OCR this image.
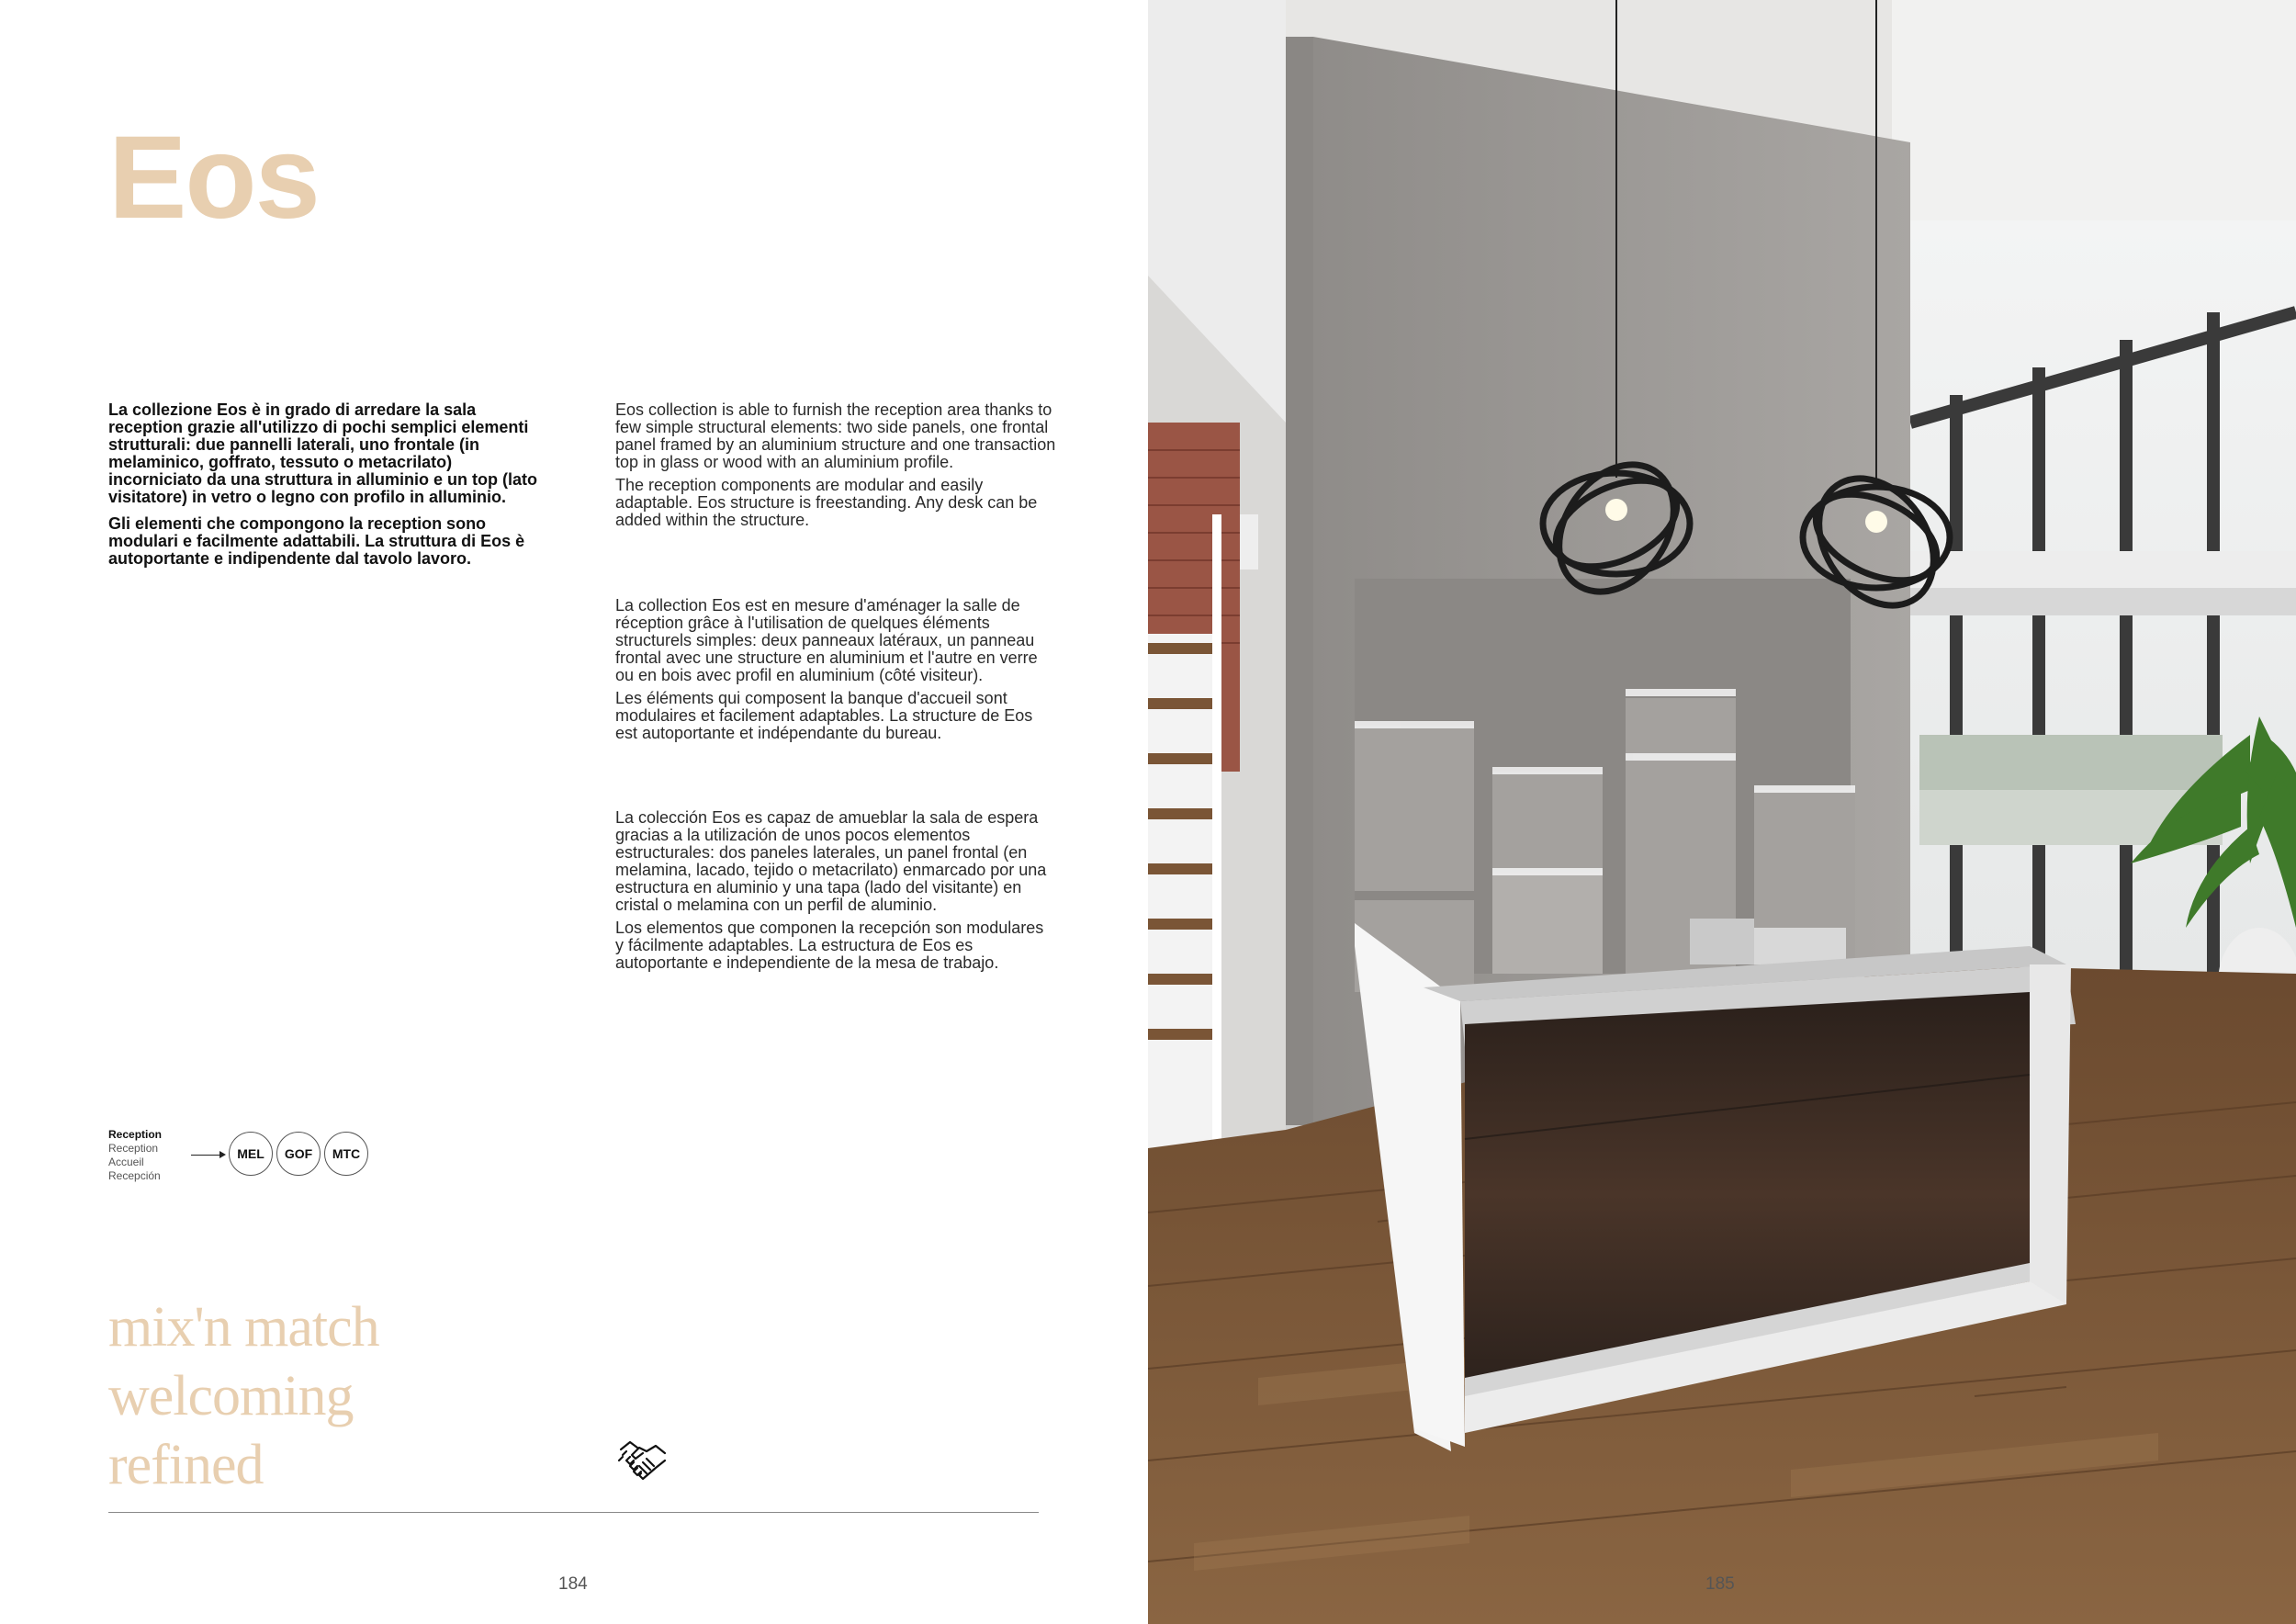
Eos

La collezione Eos è in grado di arredare la sala reception grazie all'utilizzo di pochi semplici elementi strutturali: due pannelli laterali, uno frontale (in melaminico, goffrato, tessuto o metacrilato) incorniciato da una struttura in alluminio e un top (lato visitatore) in vetro o legno con profilo in alluminio.

Gli elementi che compongono la reception sono modulari e facilmente adattabili. La struttura di Eos è autoportante e indipendente dal tavolo lavoro.

Eos collection is able to furnish the reception area thanks to few simple structural elements: two side panels, one frontal panel framed by an aluminium structure and one transaction top in glass or wood with an aluminium profile.

The reception components are modular and easily adaptable. Eos structure is freestanding. Any desk can be added within the structure.

La collection Eos est en mesure d'aménager la salle de réception grâce à l'utilisation de quelques éléments structurels simples: deux panneaux latéraux, un panneau frontal avec une structure en aluminium et l'autre en verre ou en bois avec profil en aluminium (côté visiteur).

Les éléments qui composent la banque d'accueil sont modulaires et facilement adaptables. La structure de Eos est autoportante et indépendante du bureau.

La colección Eos es capaz de amueblar la sala de espera gracias a la utilización de unos pocos elementos estructurales: dos paneles laterales, un panel frontal (en melamina, lacado, tejido o metacrilato) enmarcado por una estructura en aluminio y una tapa (lado del visitante) en cristal o melamina con un perfil de aluminio.

Los elementos que componen la recepción son modulares y fácilmente adaptables. La estructura de Eos es autoportante e independiente de la mesa de trabajo.

Reception
Reception
Accueil
Recepción
MEL	GOF	MTC
mix'n match
welcoming
refined
184	185
